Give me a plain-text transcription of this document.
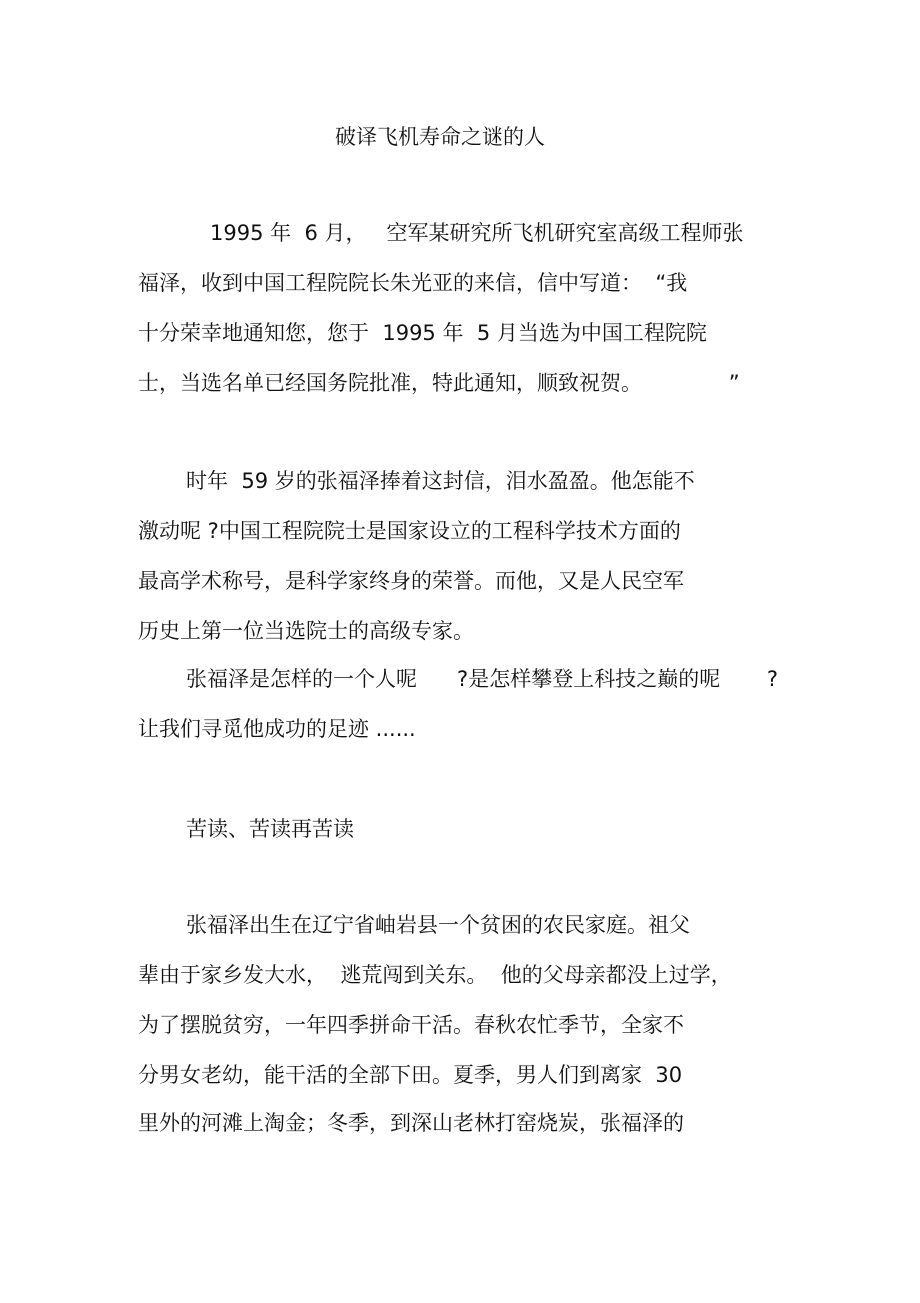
破译飞机寿命之谜的人
1995 年  6 月，   空军某研究所飞机研究室高级工程师张
福泽，收到中国工程院院长朱光亚的来信，信中写道：  “我
十分荣幸地通知您，您于  1995 年  5 月当选为中国工程院院
士，当选名单已经国务院批准，特此通知，顺致祝贺。             ”
时年  59 岁的张福泽捧着这封信，泪水盈盈。他怎能不
激动呢 ?中国工程院院士是国家设立的工程科学技术方面的
最高学术称号，是科学家终身的荣誉。而他，又是人民空军
历史上第一位当选院士的高级专家。
张福泽是怎样的一个人呢      ?是怎样攀登上科技之巅的呢       ?
让我们寻觅他成功的足迹 ......
苦读、苦读再苦读
张福泽出生在辽宁省岫岩县一个贫困的农民家庭。祖父
辈由于家乡发大水，  逃荒闯到关东。  他的父母亲都没上过学，
为了摆脱贫穷，一年四季拼命干活。春秋农忙季节，全家不
分男女老幼，能干活的全部下田。夏季，男人们到离家  30
里外的河滩上淘金；冬季，到深山老林打窑烧炭，张福泽的
